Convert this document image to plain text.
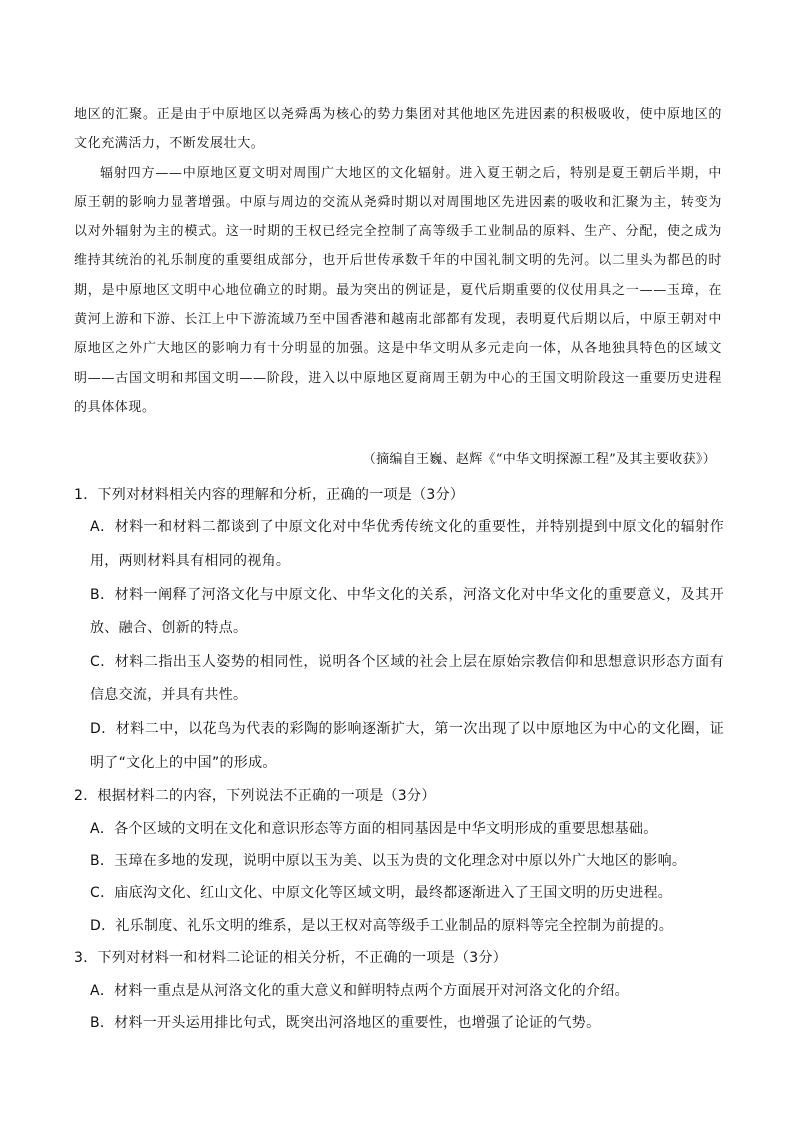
地区的汇聚。正是由于中原地区以尧舜禹为核心的势力集团对其他地区先进因素的积极吸收，使中原地区的文化充满活力，不断发展壮大。

辐射四方——中原地区夏文明对周围广大地区的文化辐射。进入夏王朝之后，特别是夏王朝后半期，中原王朝的影响力显著增强。中原与周边的交流从尧舜时期以对周围地区先进因素的吸收和汇聚为主，转变为以对外辐射为主的模式。这一时期的王权已经完全控制了高等级手工业制品的原料、生产、分配，使之成为维持其统治的礼乐制度的重要组成部分，也开后世传承数千年的中国礼制文明的先河。以二里头为都邑的时期，是中原地区文明中心地位确立的时期。最为突出的例证是，夏代后期重要的仪仗用具之一——玉璋，在黄河上游和下游、长江上中下游流域乃至中国香港和越南北部都有发现，表明夏代后期以后，中原王朝对中原地区之外广大地区的影响力有十分明显的加强。这是中华文明从多元走向一体，从各地独具特色的区域文明——古国文明和邦国文明——阶段，进入以中原地区夏商周王朝为中心的王国文明阶段这一重要历史进程的具体体现。

（摘编自王巍、赵辉《“中华文明探源工程”及其主要收获》）

1．下列对材料相关内容的理解和分析，正确的一项是（3分）

A．材料一和材料二都谈到了中原文化对中华优秀传统文化的重要性，并特别提到中原文化的辐射作用，两则材料具有相同的视角。

B．材料一阐释了河洛文化与中原文化、中华文化的关系，河洛文化对中华文化的重要意义，及其开放、融合、创新的特点。

C．材料二指出玉人姿势的相同性，说明各个区域的社会上层在原始宗教信仰和思想意识形态方面有信息交流，并具有共性。

D．材料二中，以花鸟为代表的彩陶的影响逐渐扩大，第一次出现了以中原地区为中心的文化圈，证明了“文化上的中国”的形成。

2．根据材料二的内容，下列说法不正确的一项是（3分）

A．各个区域的文明在文化和意识形态等方面的相同基因是中华文明形成的重要思想基础。

B．玉璋在多地的发现，说明中原以玉为美、以玉为贵的文化理念对中原以外广大地区的影响。

C．庙底沟文化、红山文化、中原文化等区域文明，最终都逐渐进入了王国文明的历史进程。

D．礼乐制度、礼乐文明的维系，是以王权对高等级手工业制品的原料等完全控制为前提的。

3．下列对材料一和材料二论证的相关分析，不正确的一项是（3分）

A．材料一重点是从河洛文化的重大意义和鲜明特点两个方面展开对河洛文化的介绍。

B．材料一开头运用排比句式，既突出河洛地区的重要性，也增强了论证的气势。
